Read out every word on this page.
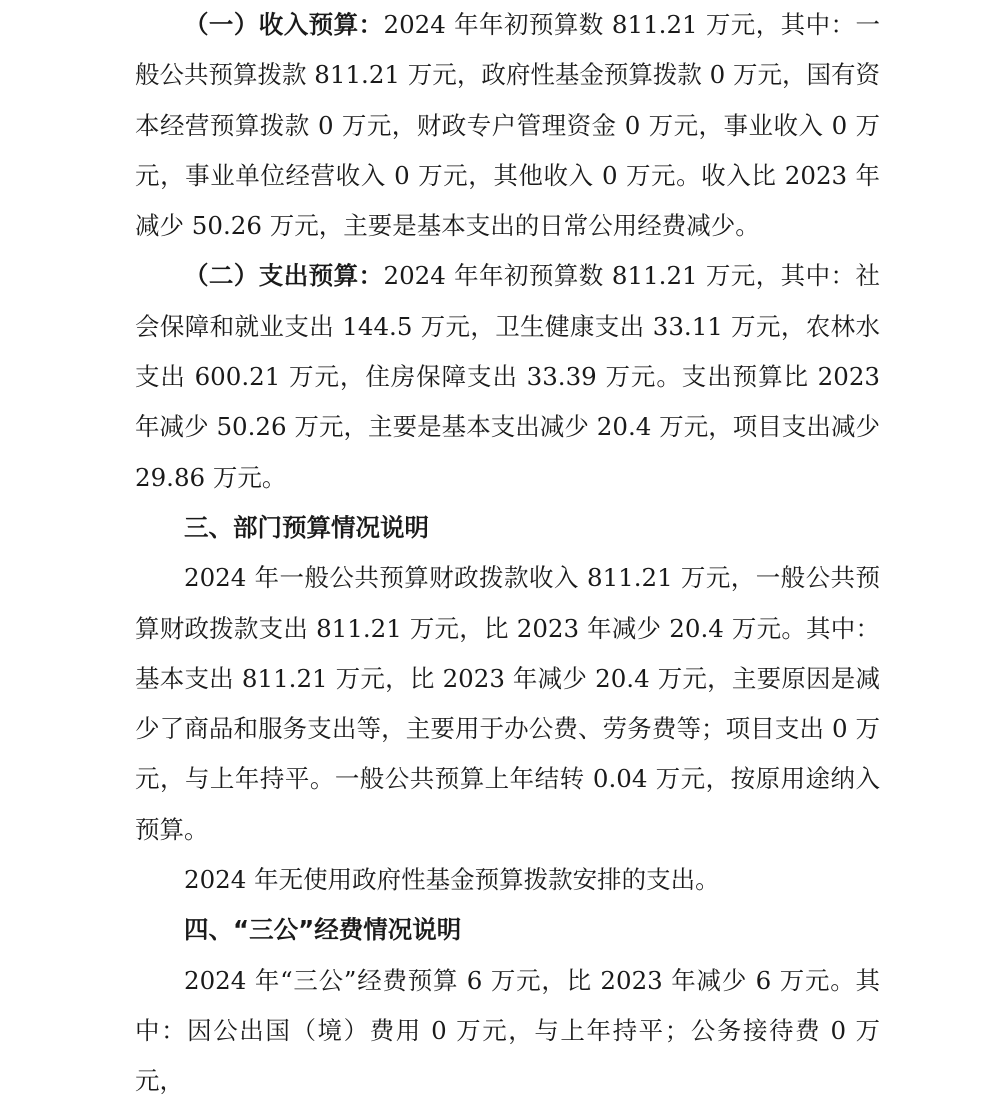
（一）收入预算：2024 年年初预算数 811.21 万元，其中：一般公共预算拨款 811.21 万元，政府性基金预算拨款 0 万元，国有资本经营预算拨款 0 万元，财政专户管理资金 0 万元，事业收入 0 万元，事业单位经营收入 0 万元，其他收入 0 万元。收入比 2023 年减少 50.26 万元，主要是基本支出的日常公用经费减少。

（二）支出预算：2024 年年初预算数 811.21 万元，其中：社会保障和就业支出 144.5 万元，卫生健康支出 33.11 万元，农林水支出 600.21 万元，住房保障支出 33.39 万元。支出预算比 2023 年减少 50.26 万元，主要是基本支出减少 20.4 万元，项目支出减少 29.86 万元。

三、部门预算情况说明

2024 年一般公共预算财政拨款收入 811.21 万元，一般公共预算财政拨款支出 811.21 万元，比 2023 年减少 20.4 万元。其中：基本支出 811.21 万元，比 2023 年减少 20.4 万元，主要原因是减少了商品和服务支出等，主要用于办公费、劳务费等；项目支出 0 万元，与上年持平。一般公共预算上年结转 0.04 万元，按原用途纳入预算。

2024 年无使用政府性基金预算拨款安排的支出。

四、“三公”经费情况说明

2024 年“三公”经费预算 6 万元，比 2023 年减少 6 万元。其中：因公出国（境）费用 0 万元，与上年持平；公务接待费 0 万元，
